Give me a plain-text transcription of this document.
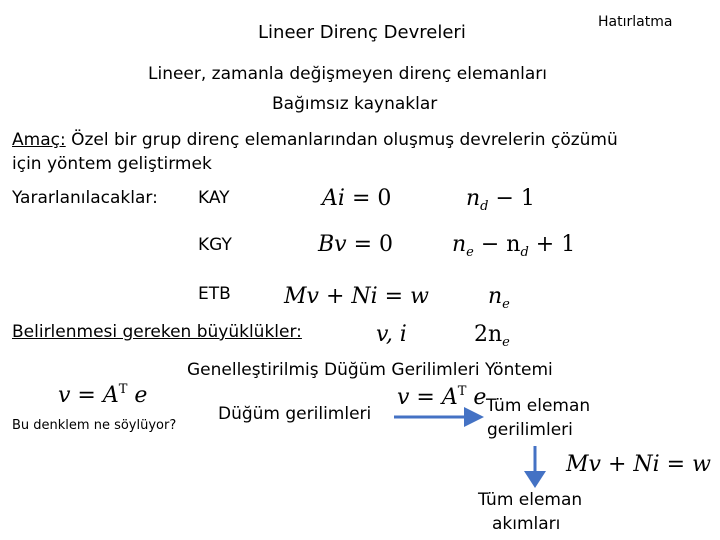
Lineer Direnç Devreleri	Hatırlatma
Lineer, zamanla değişmeyen direnç elemanları
Bağımsız kaynaklar
Amaç: Özel bir grup direnç elemanlarından oluşmuş devrelerin çözümü
için yöntem geliştirmek
Yararlanılacaklar: KAY	Ai = 0	$n_d - 1$
KGY	Bv = 0	$n_e - n_d + 1$
ETB Mv + Ni = w	$n_e$
Belirlenmesi gereken büyüklükler:	v, i	$2n_e$
Genelleştirilmiş Düğüm Gerilimleri Yöntemi
$v = A^T$ e
Bu denklem ne söylüyor?
Düğüm gerilimleri
$v = A^T$ e Tüm eleman
gerilimleri
Mv + Ni = w
Tüm eleman
akımları
